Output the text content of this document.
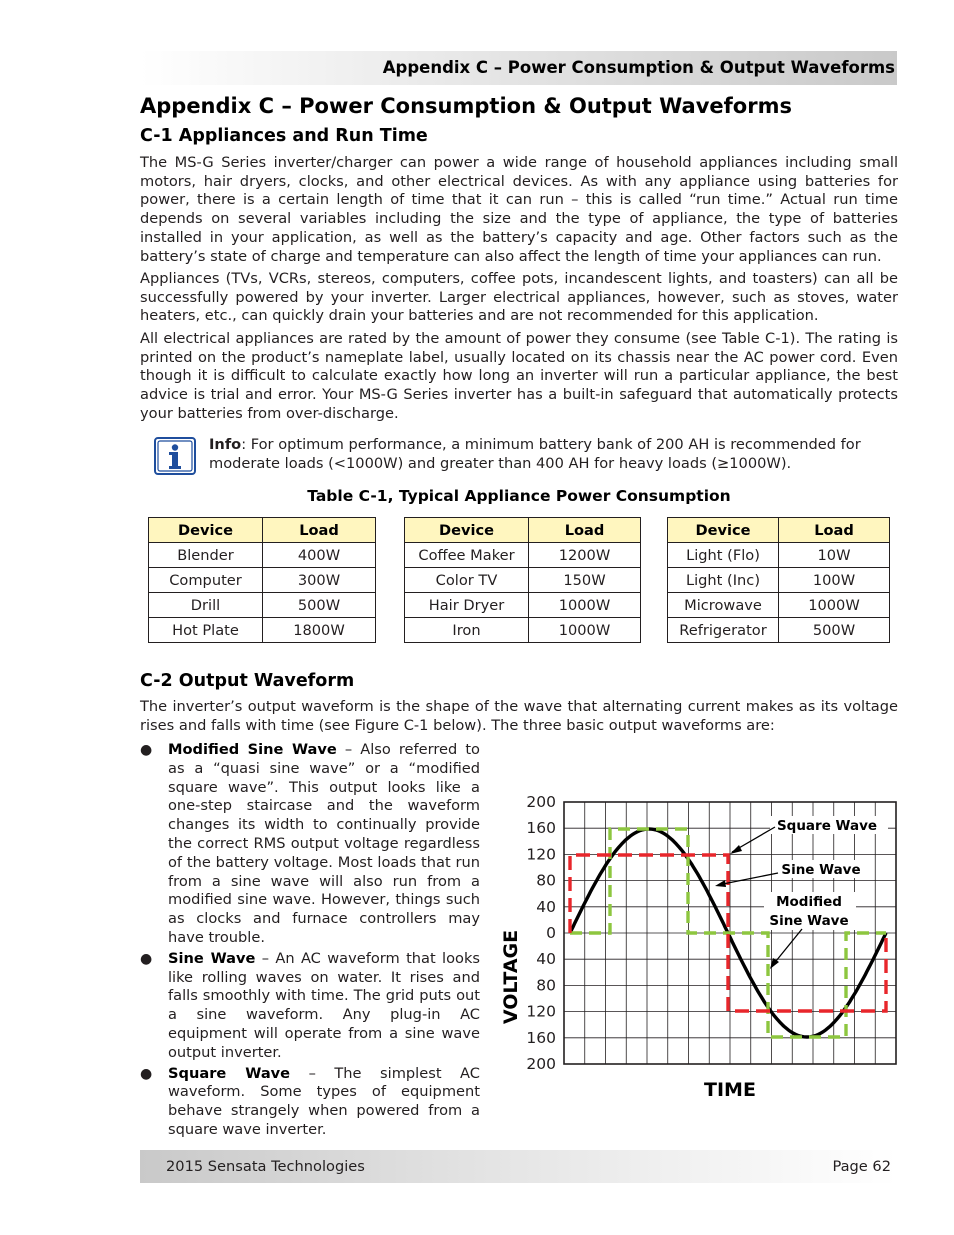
Appendix C – Power Consumption & Output Waveforms
Appendix C – Power Consumption & Output Waveforms
C-1 Appliances and Run Time
The MS-G Series inverter/charger can power a wide range of household appliances including small motors, hair dryers, clocks, and other electrical devices. As with any appliance using batteries for power, there is a certain length of time that it can run – this is called “run time.” Actual run time depends on several variables including the size and the type of appliance, the type of batteries installed in your application, as well as the battery’s capacity and age. Other factors such as the battery’s state of charge and temperature can also affect the length of time your appliances can run.
Appliances (TVs, VCRs, stereos, computers, coffee pots, incandescent lights, and toasters) can all be successfully powered by your inverter. Larger electrical appliances, however, such as stoves, water heaters, etc., can quickly drain your batteries and are not recommended for this application.
All electrical appliances are rated by the amount of power they consume (see Table C-1). The rating is printed on the product’s nameplate label, usually located on its chassis near the AC power cord. Even though it is difficult to calculate exactly how long an inverter will run a particular appliance, the best advice is trial and error. Your MS-G Series inverter has a built-in safeguard that automatically protects your batteries from over-discharge.
Info: For optimum performance, a minimum battery bank of 200 AH is recommended for moderate loads (<1000W) and greater than 400 AH for heavy loads (≥1000W).
Table C-1, Typical Appliance Power Consumption
Device	Load
Blender	400W
Computer	300W
Drill	500W
Hot Plate	1800W
Device	Load
Coffee Maker	1200W
Color TV	150W
Hair Dryer	1000W
Iron	1000W
Device	Load
Light (Flo)	10W
Light (Inc)	100W
Microwave	1000W
Refrigerator	500W
C-2 Output Waveform
The inverter’s output waveform is the shape of the wave that alternating current makes as its voltage rises and falls with time (see Figure C-1 below). The three basic output waveforms are:
● Modified Sine Wave – Also referred to as a “quasi sine wave” or a “modified square wave”. This output looks like a one-step staircase and the waveform changes its width to continually provide the correct RMS output voltage regardless of the battery voltage. Most loads that run from a sine wave will also run from a modified sine wave. However, things such as clocks and furnace controllers may have trouble.
● Sine Wave – An AC waveform that looks like rolling waves on water. It rises and falls smoothly with time. The grid puts out a sine waveform. Any plug-in AC equipment will operate from a sine wave output inverter.
● Square Wave – The simplest AC waveform. Some types of equipment behave strangely when powered from a square wave inverter.
200
160
120
80
40
0
40
80
120
160
200
VOLTAGE
TIME
Square Wave
Sine Wave
Modified
Sine Wave
2015 Sensata Technologies	Page 62
